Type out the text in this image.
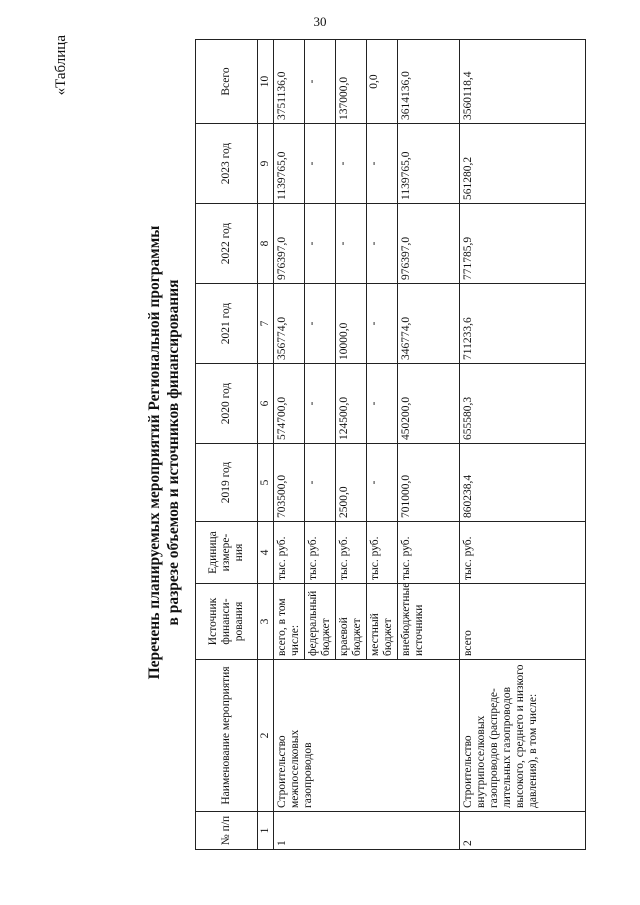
30
«Таблица
Перечень планируемых мероприятий Региональной программы в разрезе объемов и источников финансирования
№ п/п	Наименование мероприятия	Источник финанси-рования	Единица измере-ния	2019 год	2020 год	2021 год	2022 год	2023 год	Всего
1	2	3	4	5	6	7	8	9	10
1	Строительство межпоселковых газопроводов	всего, в том числе:	тыс. руб.	703500,0	574700,0	356774,0	976397,0	1139765,0	3751136,0
		федеральный бюджет	тыс. руб.	-	-	-	-	-	-
		краевой бюджет	тыс. руб.	2500,0	124500,0	10000,0	-	-	137000,0
		местный бюджет	тыс. руб.	-	-	-	-	-	0,0
		внебюджетные источники	тыс. руб.	701000,0	450200,0	346774,0	976397,0	1139765,0	3614136,0
2	Строительство внутрипоселковых газопроводов (распреде-лительных газопроводов высокого, среднего и низкого давления), в том числе:	всего	тыс. руб.	860238,4	655580,3	711233,6	771785,9	561280,2	3560118,4
